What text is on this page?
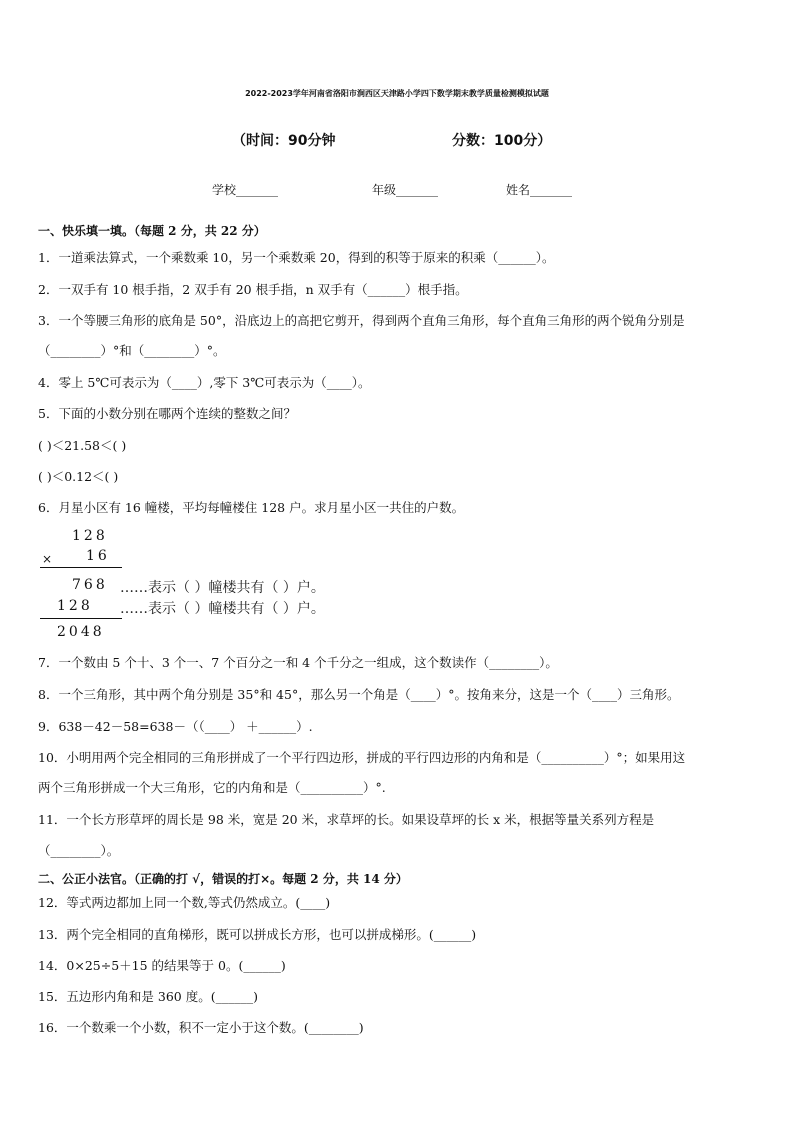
2022-2023学年河南省洛阳市涧西区天津路小学四下数学期末教学质量检测模拟试题
（时间：90分钟	分数：100分）
学校_______	年级_______	姓名_______
一、快乐填一填。（每题 2 分，共 22 分）
1．一道乘法算式，一个乘数乘 10，另一个乘数乘 20，得到的积等于原来的积乘（______）。
2．一双手有 10 根手指，2 双手有 20 根手指，n 双手有（______）根手指。
3．一个等腰三角形的底角是 50°，沿底边上的高把它剪开，得到两个直角三角形，每个直角三角形的两个锐角分别是
（________）°和（________）°。
4．零上 5℃可表示为（____）,零下 3℃可表示为（____）。
5．下面的小数分别在哪两个连续的整数之间？
( )＜21.58＜( )
( )＜0.12＜( )
6．月星小区有 16 幢楼，平均每幢楼住 128 户。求月星小区一共住的户数。
128
× 16
768 ……表示（ ）幢楼共有（ ）户。
128 ……表示（ ）幢楼共有（ ）户。
2048
7．一个数由 5 个十、3 个一、7 个百分之一和 4 个千分之一组成，这个数读作（________）。
8．一个三角形，其中两个角分别是 35°和 45°，那么另一个角是（____）°。按角来分，这是一个（____）三角形。
9．638－42－58=638－（（____） ＋______）.
10．小明用两个完全相同的三角形拼成了一个平行四边形，拼成的平行四边形的内角和是（__________）°；如果用这
两个三角形拼成一个大三角形，它的内角和是（__________）°.
11．一个长方形草坪的周长是 98 米，宽是 20 米，求草坪的长。如果设草坪的长 x 米，根据等量关系列方程是
（________）。
二、公正小法官。（正确的打 √，错误的打×。每题 2 分，共 14 分）
12．等式两边都加上同一个数,等式仍然成立。(____)
13．两个完全相同的直角梯形，既可以拼成长方形，也可以拼成梯形。(______)
14．0×25÷5＋15 的结果等于 0。(______)
15．五边形内角和是 360 度。(______)
16．一个数乘一个小数，积不一定小于这个数。(________)
